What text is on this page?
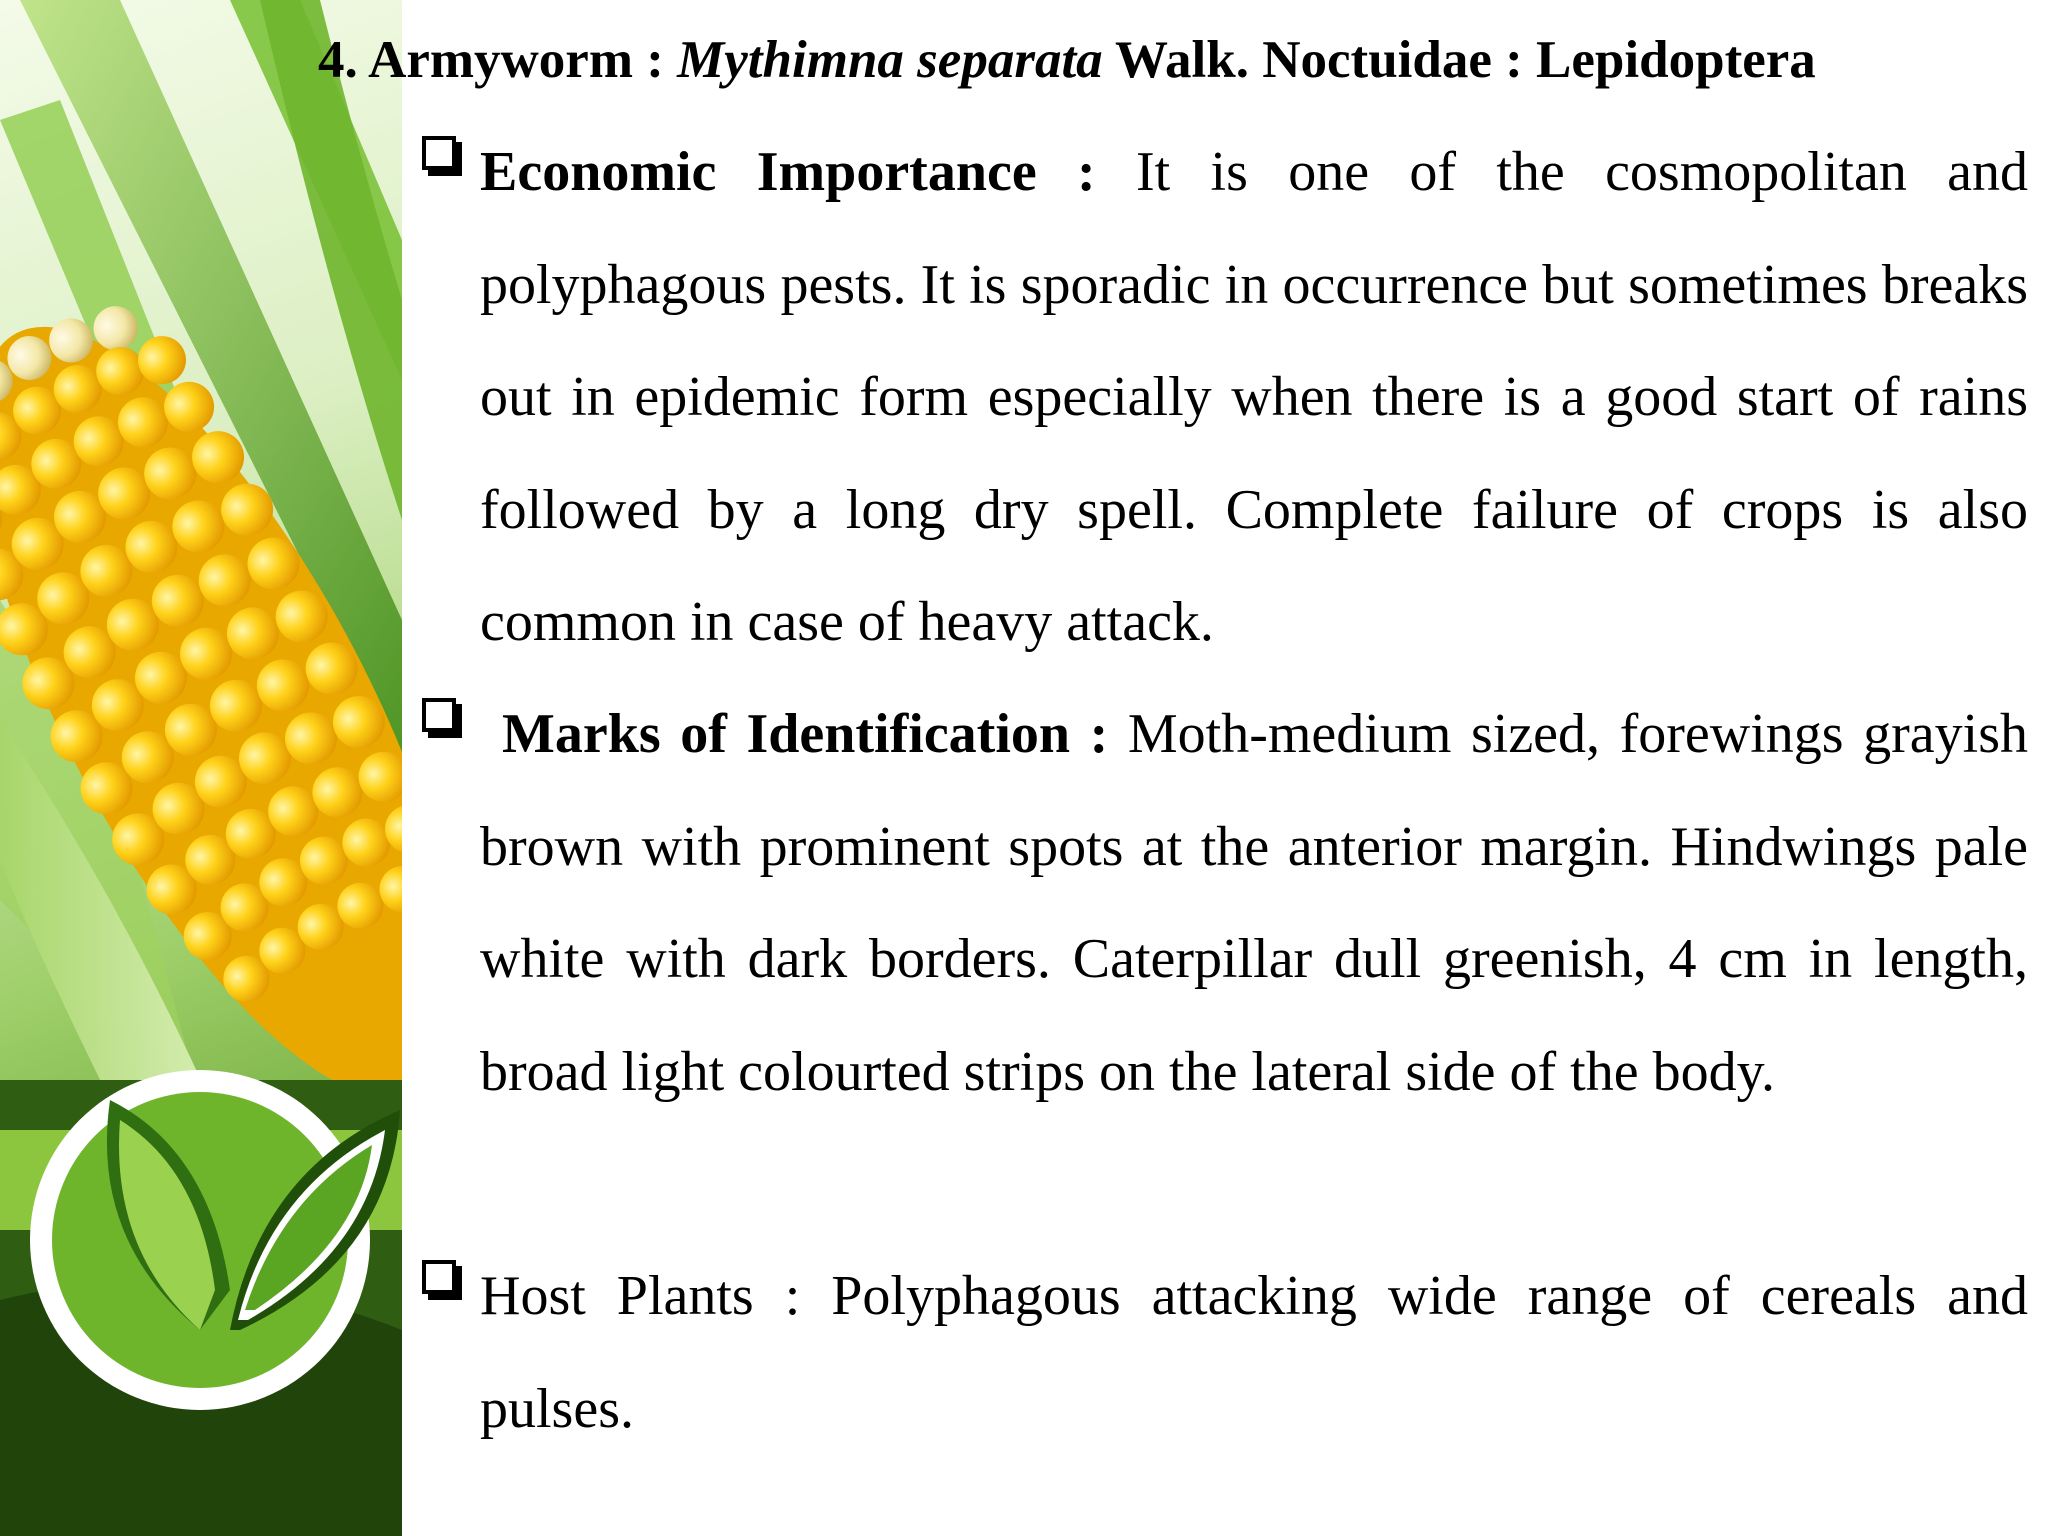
4. Armyworm : Mythimna separata Walk. Noctuidae : Lepidoptera

Economic Importance : It is one of the cosmopolitan and polyphagous pests. It is sporadic in occurrence but sometimes breaks out in epidemic form especially when there is a good start of rains followed by a long dry spell. Complete failure of crops is also common in case of heavy attack.

Marks of Identification : Moth-medium sized, forewings grayish brown with prominent spots at the anterior margin. Hindwings pale white with dark borders. Caterpillar dull greenish, 4 cm in length, broad light colourted strips on the lateral side of the body.

Host Plants : Polyphagous attacking wide range of cereals and pulses.
